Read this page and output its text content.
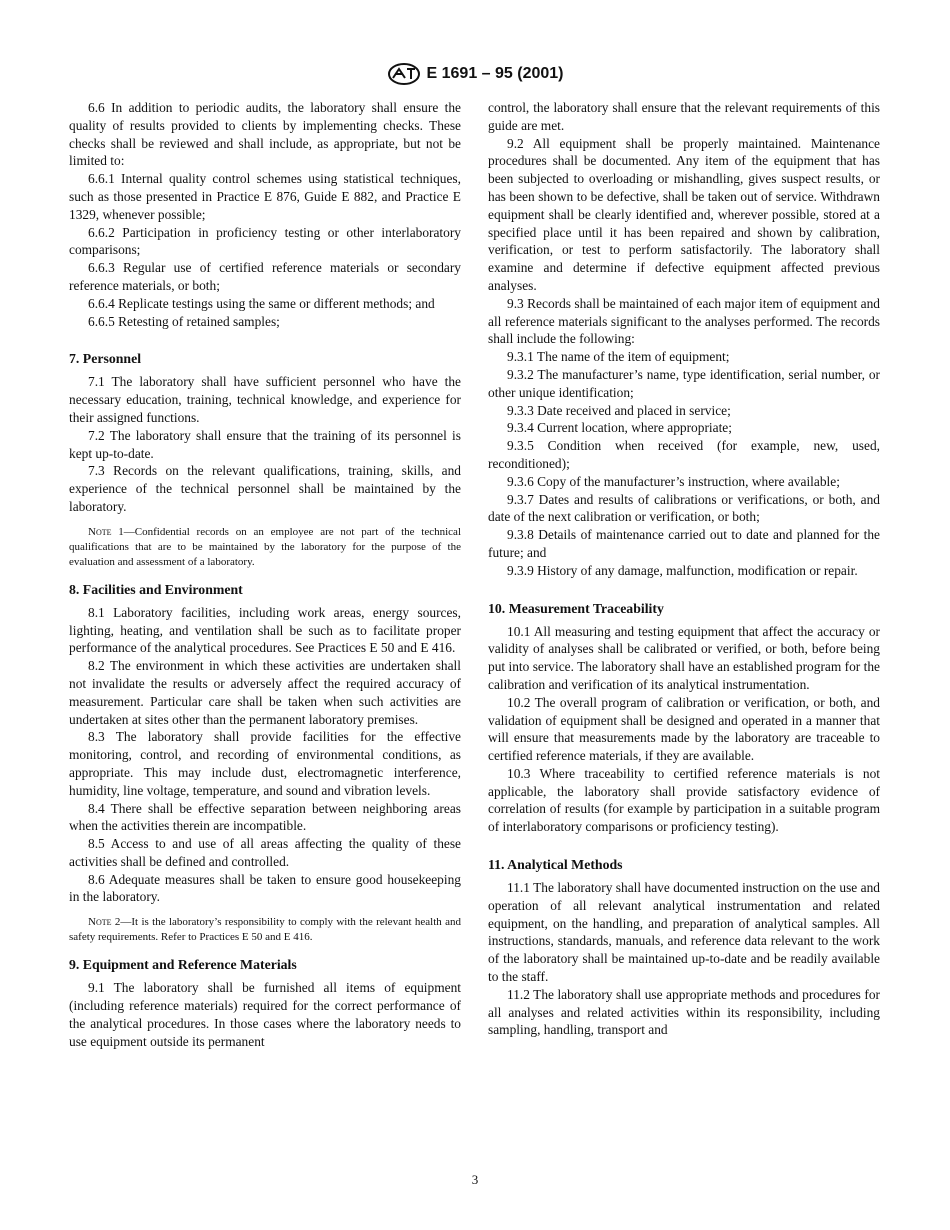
E 1691 – 95 (2001)

6.6 In addition to periodic audits, the laboratory shall ensure the quality of results provided to clients by implementing checks. These checks shall be reviewed and shall include, as appropriate, but not be limited to:

6.6.1 Internal quality control schemes using statistical techniques, such as those presented in Practice E 876, Guide E 882, and Practice E 1329, whenever possible;

6.6.2 Participation in proficiency testing or other interlaboratory comparisons;

6.6.3 Regular use of certified reference materials or secondary reference materials, or both;

6.6.4 Replicate testings using the same or different methods; and

6.6.5 Retesting of retained samples;

7. Personnel

7.1 The laboratory shall have sufficient personnel who have the necessary education, training, technical knowledge, and experience for their assigned functions.

7.2 The laboratory shall ensure that the training of its personnel is kept up-to-date.

7.3 Records on the relevant qualifications, training, skills, and experience of the technical personnel shall be maintained by the laboratory.

Note 1—Confidential records on an employee are not part of the technical qualifications that are to be maintained by the laboratory for the purpose of the evaluation and assessment of a laboratory.
8. Facilities and Environment

8.1 Laboratory facilities, including work areas, energy sources, lighting, heating, and ventilation shall be such as to facilitate proper performance of the analytical procedures. See Practices E 50 and E 416.

8.2 The environment in which these activities are undertaken shall not invalidate the results or adversely affect the required accuracy of measurement. Particular care shall be taken when such activities are undertaken at sites other than the permanent laboratory premises.

8.3 The laboratory shall provide facilities for the effective monitoring, control, and recording of environmental conditions, as appropriate. This may include dust, electromagnetic interference, humidity, line voltage, temperature, and sound and vibration levels.

8.4 There shall be effective separation between neighboring areas when the activities therein are incompatible.

8.5 Access to and use of all areas affecting the quality of these activities shall be defined and controlled.

8.6 Adequate measures shall be taken to ensure good housekeeping in the laboratory.

Note 2—It is the laboratory’s responsibility to comply with the relevant health and safety requirements. Refer to Practices E 50 and E 416.
9. Equipment and Reference Materials

9.1 The laboratory shall be furnished all items of equipment (including reference materials) required for the correct performance of the analytical procedures. In those cases where the laboratory needs to use equipment outside its permanent

control, the laboratory shall ensure that the relevant requirements of this guide are met.

9.2 All equipment shall be properly maintained. Maintenance procedures shall be documented. Any item of the equipment that has been subjected to overloading or mishandling, gives suspect results, or has been shown to be defective, shall be taken out of service. Withdrawn equipment shall be clearly identified and, wherever possible, stored at a specified place until it has been repaired and shown by calibration, verification, or test to perform satisfactorily. The laboratory shall examine and determine if defective equipment affected previous analyses.

9.3 Records shall be maintained of each major item of equipment and all reference materials significant to the analyses performed. The records shall include the following:

9.3.1 The name of the item of equipment;

9.3.2 The manufacturer’s name, type identification, serial number, or other unique identification;

9.3.3 Date received and placed in service;

9.3.4 Current location, where appropriate;

9.3.5 Condition when received (for example, new, used, reconditioned);

9.3.6 Copy of the manufacturer’s instruction, where available;

9.3.7 Dates and results of calibrations or verifications, or both, and date of the next calibration or verification, or both;

9.3.8 Details of maintenance carried out to date and planned for the future; and

9.3.9 History of any damage, malfunction, modification or repair.

10. Measurement Traceability

10.1 All measuring and testing equipment that affect the accuracy or validity of analyses shall be calibrated or verified, or both, before being put into service. The laboratory shall have an established program for the calibration and verification of its analytical instrumentation.

10.2 The overall program of calibration or verification, or both, and validation of equipment shall be designed and operated in a manner that will ensure that measurements made by the laboratory are traceable to certified reference materials, if they are available.

10.3 Where traceability to certified reference materials is not applicable, the laboratory shall provide satisfactory evidence of correlation of results (for example by participation in a suitable program of interlaboratory comparisons or proficiency testing).

11. Analytical Methods

11.1 The laboratory shall have documented instruction on the use and operation of all relevant analytical instrumentation and related equipment, on the handling, and preparation of analytical samples. All instructions, standards, manuals, and reference data relevant to the work of the laboratory shall be maintained up-to-date and be readily available to the staff.

11.2 The laboratory shall use appropriate methods and procedures for all analyses and related activities within its responsibility, including sampling, handling, transport and

3
